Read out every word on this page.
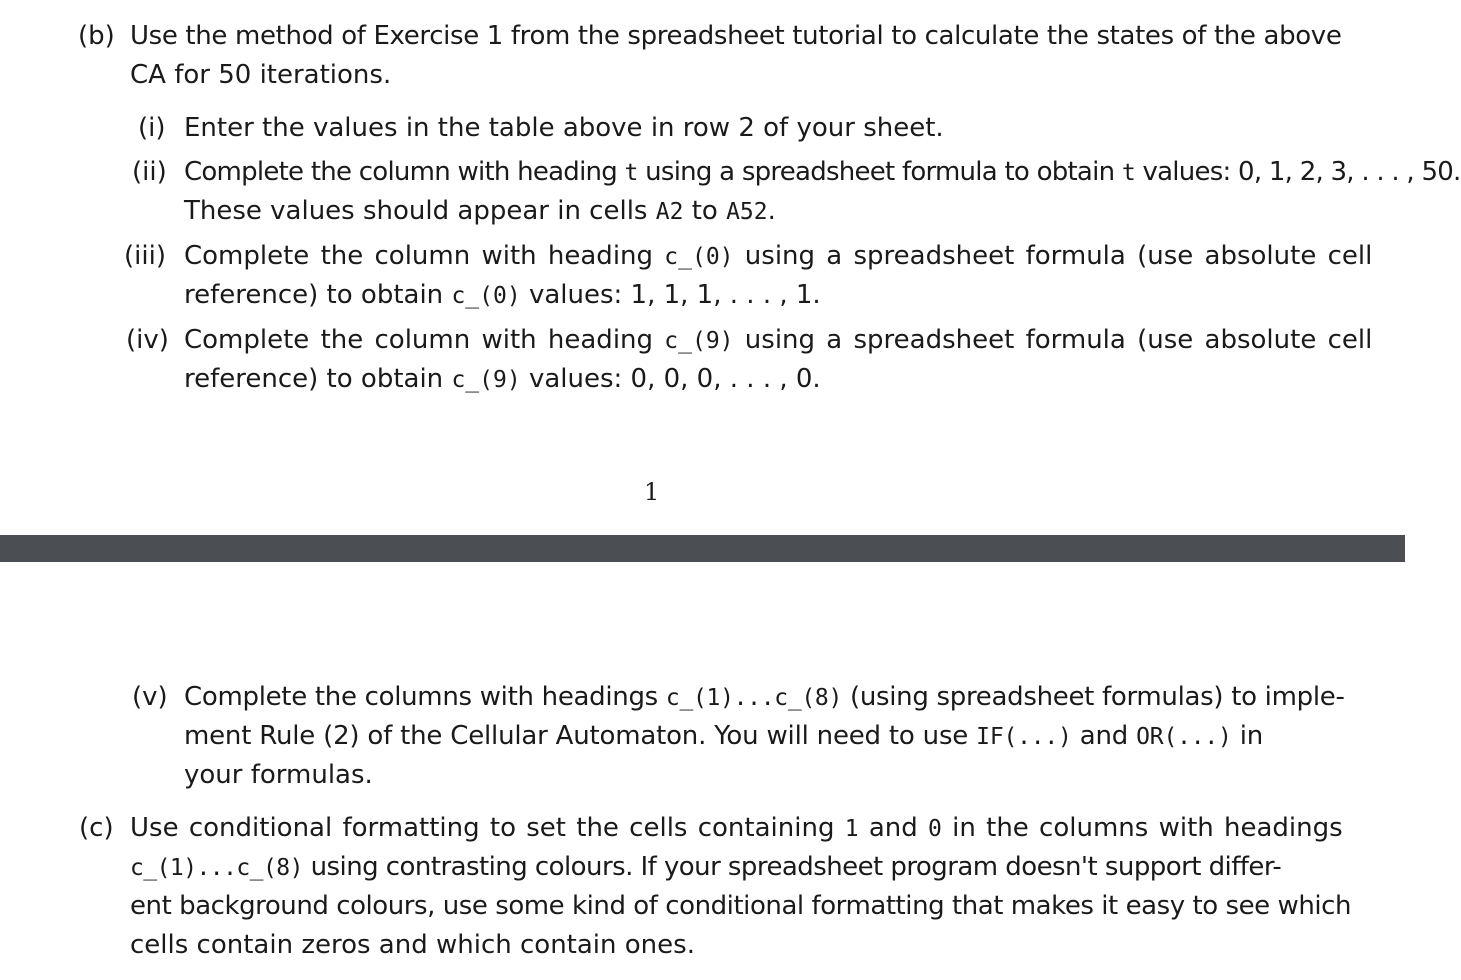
(b) Use the method of Exercise 1 from the spreadsheet tutorial to calculate the states of the above
CA for 50 iterations.
(i) Enter the values in the table above in row 2 of your sheet.
(ii) Complete the column with heading t using a spreadsheet formula to obtain t values: 0, 1, 2, 3, . . . , 50.
These values should appear in cells A2 to A52.
(iii) Complete the column with heading c_(0) using a spreadsheet formula (use absolute cell
reference) to obtain c_(0) values: 1, 1, 1, . . . , 1.
(iv) Complete the column with heading c_(9) using a spreadsheet formula (use absolute cell
reference) to obtain c_(9) values: 0, 0, 0, . . . , 0.
1
(v) Complete the columns with headings c_(1)...c_(8) (using spreadsheet formulas) to imple-
ment Rule (2) of the Cellular Automaton. You will need to use IF(...) and OR(...) in
your formulas.
(c) Use conditional formatting to set the cells containing 1 and 0 in the columns with headings
c_(1)...c_(8) using contrasting colours. If your spreadsheet program doesn't support differ-
ent background colours, use some kind of conditional formatting that makes it easy to see which
cells contain zeros and which contain ones.
